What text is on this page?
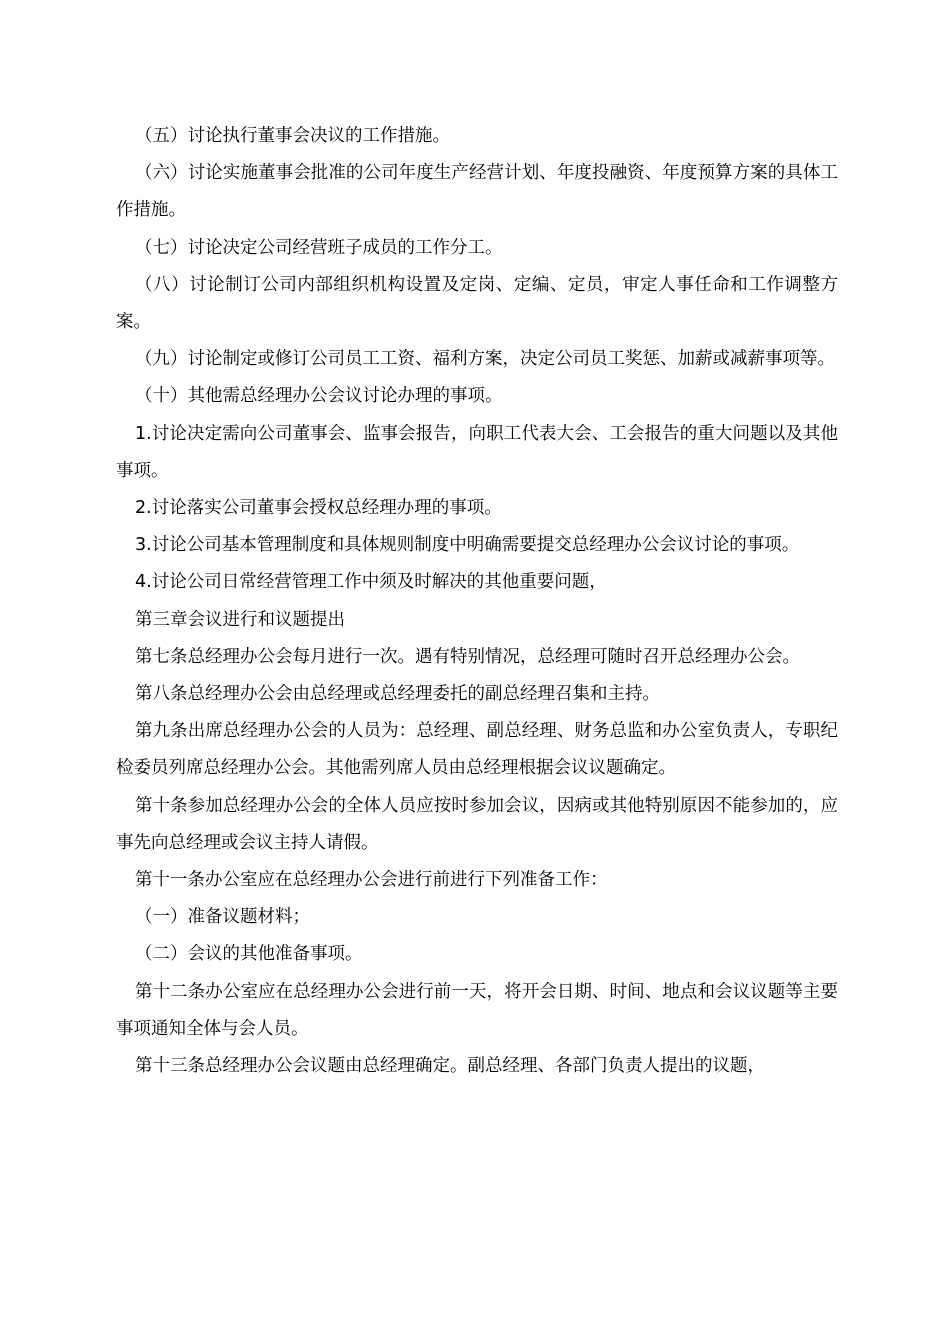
（五）讨论执行董事会决议的工作措施。

（六）讨论实施董事会批准的公司年度生产经营计划、年度投融资、年度预算方案的具体工作措施。

（七）讨论决定公司经营班子成员的工作分工。

（八）讨论制订公司内部组织机构设置及定岗、定编、定员，审定人事任命和工作调整方案。

（九）讨论制定或修订公司员工工资、福利方案，决定公司员工奖惩、加薪或减薪事项等。

（十）其他需总经理办公会议讨论办理的事项。

1.讨论决定需向公司董事会、监事会报告，向职工代表大会、工会报告的重大问题以及其他事项。

2.讨论落实公司董事会授权总经理办理的事项。

3.讨论公司基本管理制度和具体规则制度中明确需要提交总经理办公会议讨论的事项。

4.讨论公司日常经营管理工作中须及时解决的其他重要问题，

第三章会议进行和议题提出

第七条总经理办公会每月进行一次。遇有特别情况，总经理可随时召开总经理办公会。

第八条总经理办公会由总经理或总经理委托的副总经理召集和主持。

第九条出席总经理办公会的人员为：总经理、副总经理、财务总监和办公室负责人，专职纪检委员列席总经理办公会。其他需列席人员由总经理根据会议议题确定。

第十条参加总经理办公会的全体人员应按时参加会议，因病或其他特别原因不能参加的，应事先向总经理或会议主持人请假。

第十一条办公室应在总经理办公会进行前进行下列准备工作：

（一）准备议题材料；

（二）会议的其他准备事项。

第十二条办公室应在总经理办公会进行前一天，将开会日期、时间、地点和会议议题等主要事项通知全体与会人员。

第十三条总经理办公会议题由总经理确定。副总经理、各部门负责人提出的议题，
